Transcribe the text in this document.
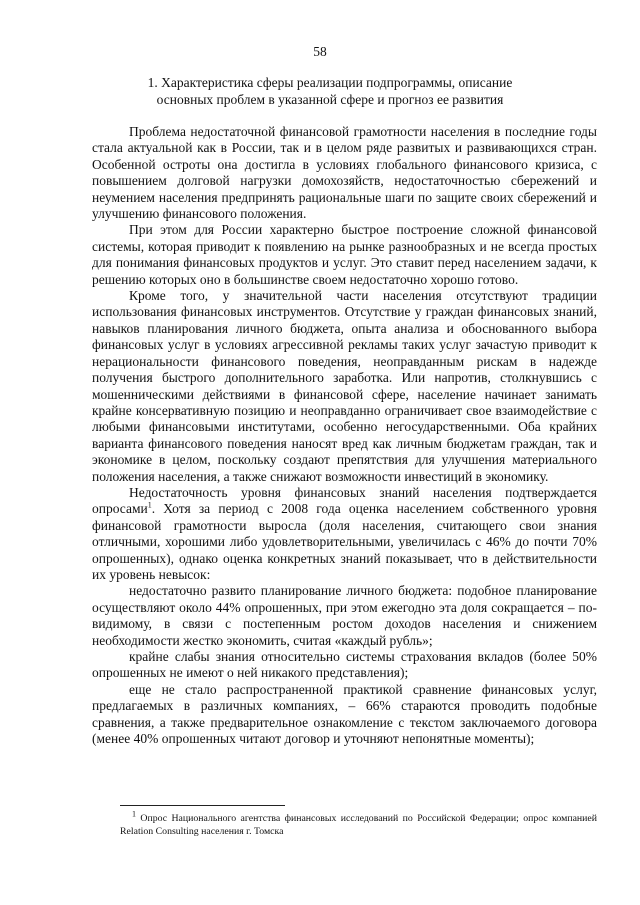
58
1. Характеристика сферы реализации подпрограммы, описание
основных проблем в указанной сфере и прогноз ее развития

Проблема недостаточной финансовой грамотности населения в последние годы стала актуальной как в России, так и в целом ряде развитых и развивающихся стран. Особенной остроты она достигла в условиях глобального финансового кризиса, с повышением долговой нагрузки домохозяйств, недостаточностью сбережений и неумением населения предпринять рациональные шаги по защите своих сбережений и улучшению финансового положения.

При этом для России характерно быстрое построение сложной финансовой системы, которая приводит к появлению на рынке разнообразных и не всегда простых для понимания финансовых продуктов и услуг. Это ставит перед населением задачи, к решению которых оно в большинстве своем недостаточно хорошо готово.

Кроме того, у значительной части населения отсутствуют традиции использования финансовых инструментов. Отсутствие у граждан финансовых знаний, навыков планирования личного бюджета, опыта анализа и обоснованного выбора финансовых услуг в условиях агрессивной рекламы таких услуг зачастую приводит к нерациональности финансового поведения, неоправданным рискам в надежде получения быстрого дополнительного заработка. Или напротив, столкнувшись с мошенническими действиями в финансовой сфере, население начинает занимать крайне консервативную позицию и неоправданно ограничивает свое взаимодействие с любыми финансовыми институтами, особенно негосударственными. Оба крайних варианта финансового поведения наносят вред как личным бюджетам граждан, так и экономике в целом, поскольку создают препятствия для улучшения материального положения населения, а также снижают возможности инвестиций в экономику.

Недостаточность уровня финансовых знаний населения подтверждается опросами$^1$. Хотя за период с 2008 года оценка населением собственного уровня финансовой грамотности выросла (доля населения, считающего свои знания отличными, хорошими либо удовлетворительными, увеличилась с 46% до почти 70% опрошенных), однако оценка конкретных знаний показывает, что в действительности их уровень невысок:

недостаточно развито планирование личного бюджета: подобное планирование осуществляют около 44% опрошенных, при этом ежегодно эта доля сокращается – по-видимому, в связи с постепенным ростом доходов населения и снижением необходимости жестко экономить, считая «каждый рубль»;

крайне слабы знания относительно системы страхования вкладов (более 50% опрошенных не имеют о ней никакого представления);

еще не стало распространенной практикой сравнение финансовых услуг, предлагаемых в различных компаниях, – 66% стараются проводить подобные сравнения, а также предварительное ознакомление с текстом заключаемого договора (менее 40% опрошенных читают договор и уточняют непонятные моменты);

$^1$ Опрос Национального агентства финансовых исследований по Российской Федерации; опрос компанией Relation Consulting населения г. Томска
